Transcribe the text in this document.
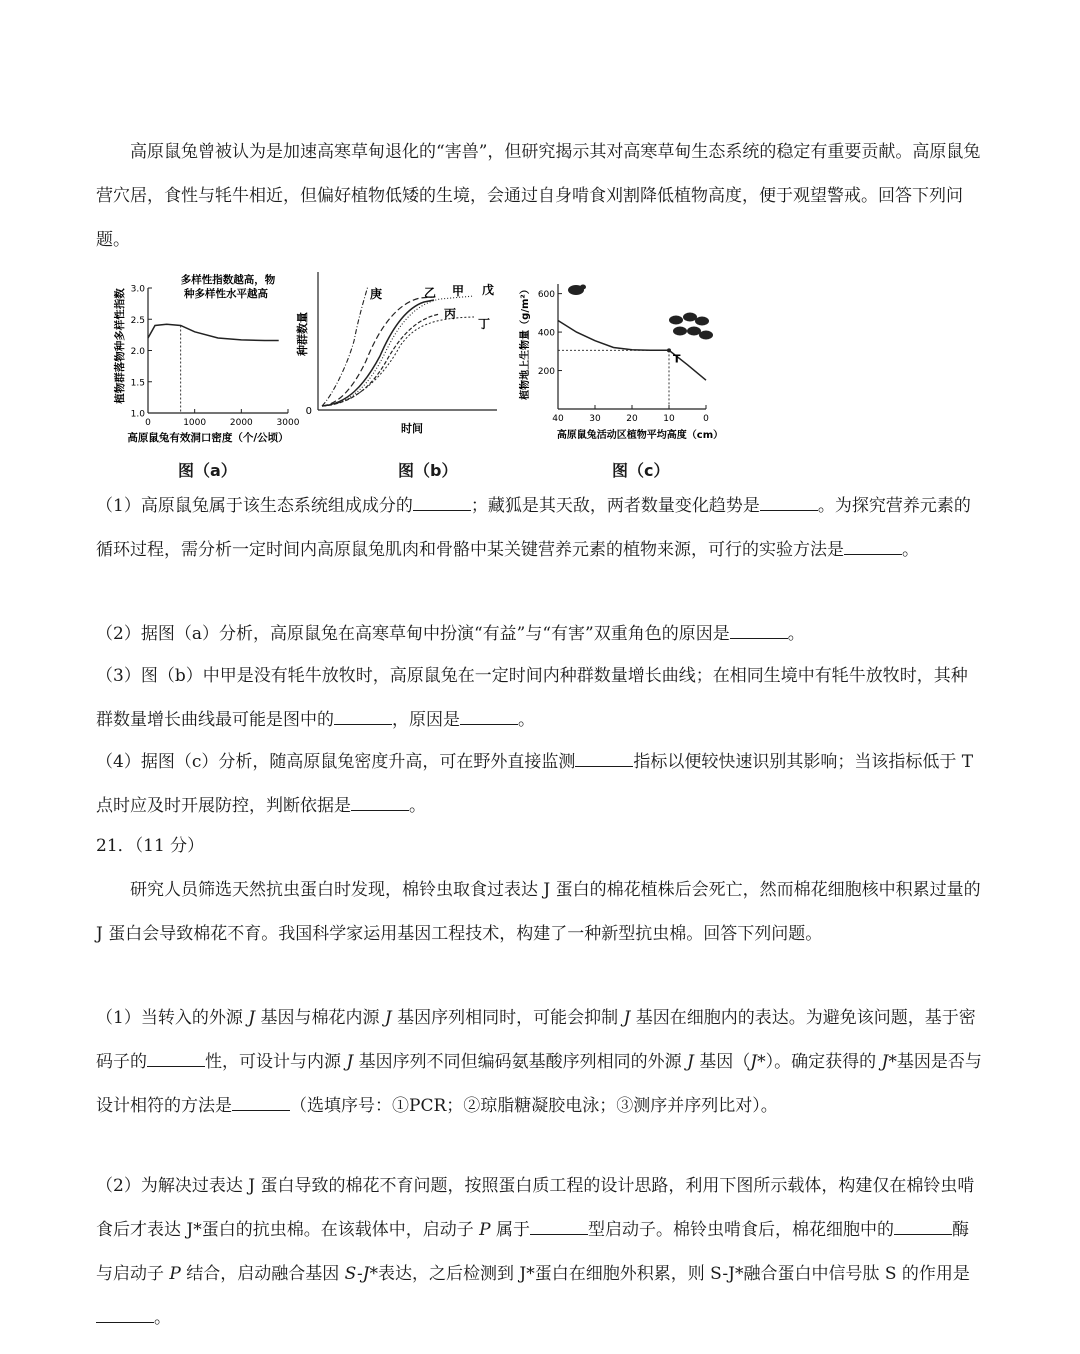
高原鼠兔曾被认为是加速高寒草甸退化的“害兽”，但研究揭示其对高寒草甸生态系统的稳定有重要贡献。高原鼠兔营穴居，食性与牦牛相近，但偏好植物低矮的生境，会通过自身啃食刈割降低植物高度，便于观望警戒。回答下列问题。

多样性指数越高，物
种多样性水平越高
植物群落物种多样性指数
1.0
1.5
2.0
2.5
3.0
0	1000	2000	3000
高原鼠兔有效洞口密度（个/公顷）
图（a）
种群数量
0
庚	乙 甲 戊
丙
丁
时间
图（b）
植物地上生物量（g/m²） 200
400
600
40	30	20	10	0
T
高原鼠兔活动区植物平均高度（cm）
图（c）

（1）高原鼠兔属于该生态系统组成成分的	；藏狐是其天敌，两者数量变化趋势是	。为探究营养元素的循环过程，需分析一定时间内高原鼠兔肌肉和骨骼中某关键营养元素的植物来源，可行的实验方法是	。

（2）据图（a）分析，高原鼠兔在高寒草甸中扮演“有益”与“有害”双重角色的原因是	。

（3）图（b）中甲是没有牦牛放牧时，高原鼠兔在一定时间内种群数量增长曲线；在相同生境中有牦牛放牧时，其种群数量增长曲线最可能是图中的	，原因是	。

（4）据图（c）分析，随高原鼠兔密度升高，可在野外直接监测	指标以便较快速识别其影响；当该指标低于 T 点时应及时开展防控，判断依据是	。

21．（11 分）

研究人员筛选天然抗虫蛋白时发现，棉铃虫取食过表达 J 蛋白的棉花植株后会死亡，然而棉花细胞核中积累过量的 J 蛋白会导致棉花不育。我国科学家运用基因工程技术，构建了一种新型抗虫棉。回答下列问题。

（1）当转入的外源 J 基因与棉花内源 J 基因序列相同时，可能会抑制 J 基因在细胞内的表达。为避免该问题，基于密码子的	性，可设计与内源 J 基因序列不同但编码氨基酸序列相同的外源 J 基因（J*）。确定获得的 J*基因是否与设计相符的方法是	（选填序号：①PCR；②琼脂糖凝胶电泳；③测序并序列比对）。

（2）为解决过表达 J 蛋白导致的棉花不育问题，按照蛋白质工程的设计思路，利用下图所示载体，构建仅在棉铃虫啃食后才表达 J*蛋白的抗虫棉。在该载体中，启动子 P 属于	型启动子。棉铃虫啃食后，棉花细胞中的	酶与启动子 P 结合，启动融合基因 S-J*表达，之后检测到 J*蛋白在细胞外积累，则 S-J*融合蛋白中信号肽 S 的作用是。
